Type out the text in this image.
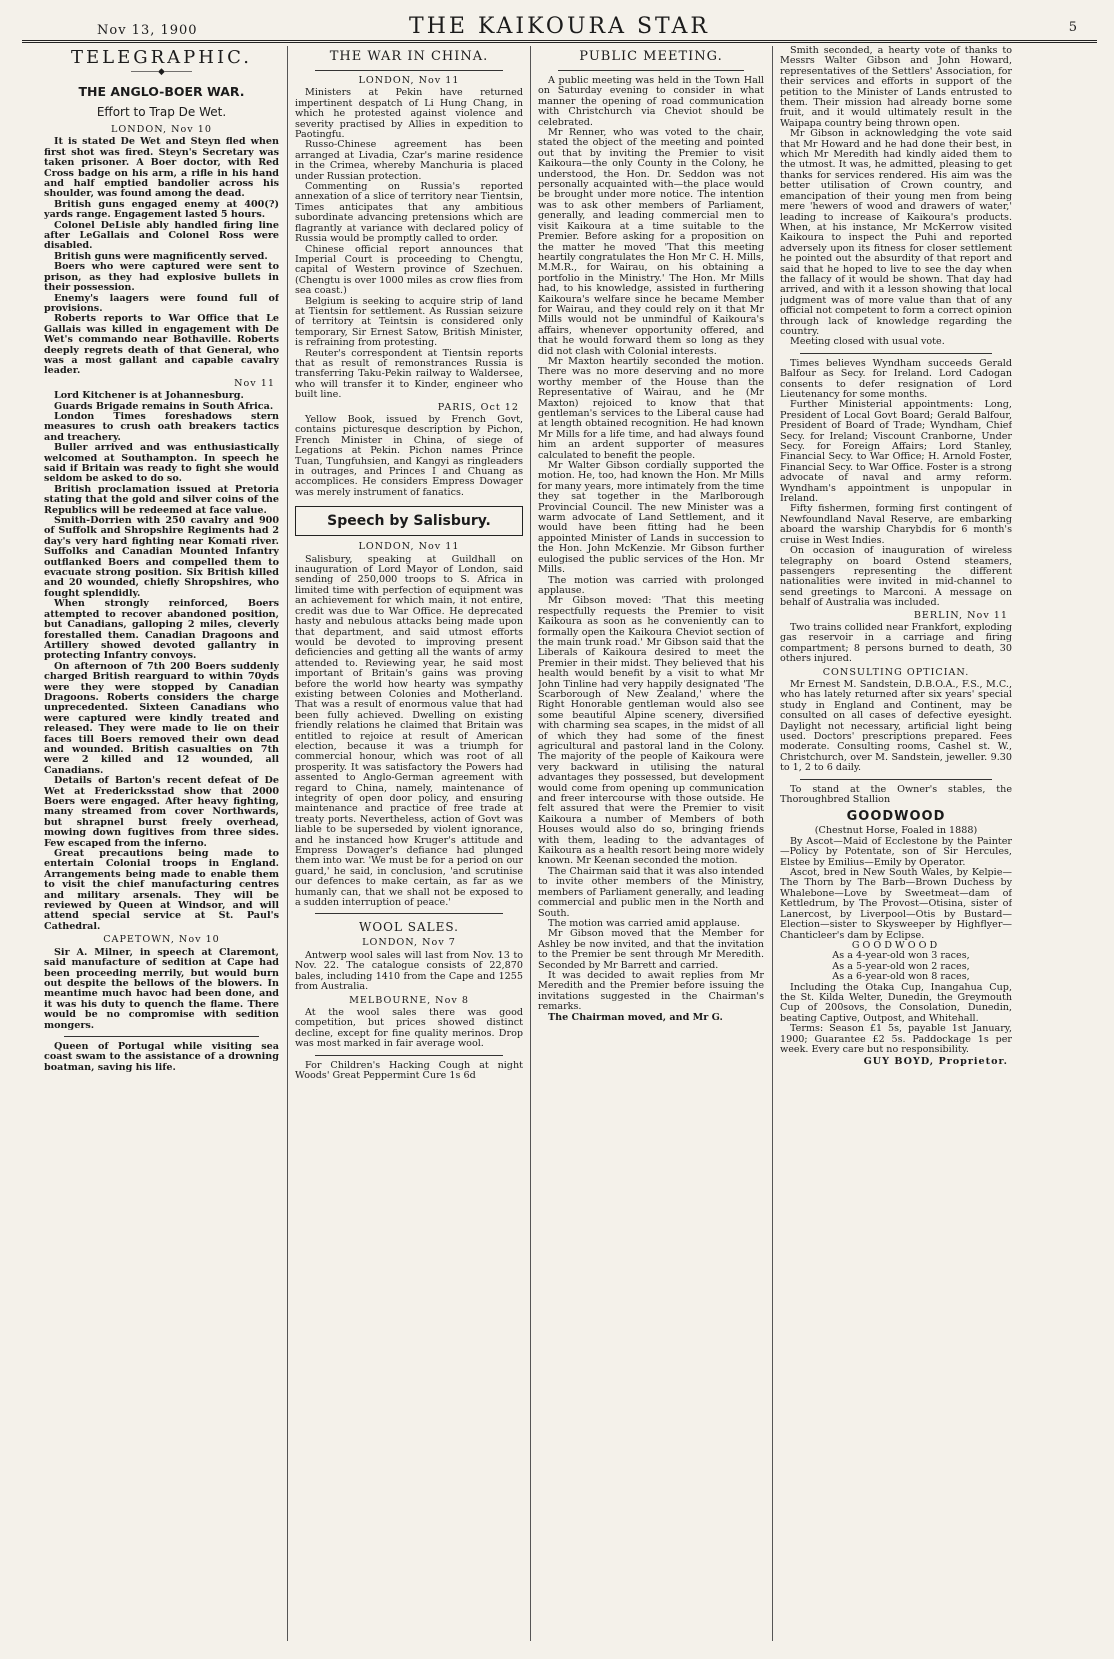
Nov 13, 1900	THE KAIKOURA STAR	5
TELEGRAPHIC.
―――◆―――
THE ANGLO-BOER WAR.
Effort to Trap De Wet.
LONDON, Nov 10

It is stated De Wet and Steyn fled when first shot was fired. Steyn's Secretary was taken prisoner. A Boer doctor, with Red Cross badge on his arm, a rifle in his hand and half emptied bandolier across his shoulder, was found among the dead.

British guns engaged enemy at 400(?) yards range. Engagement lasted 5 hours.

Colonel DeLisle ably handled firing line after LeGallais and Colonel Ross were disabled.

British guns were magnificently served.

Boers who were captured were sent to prison, as they had explosive bullets in their possession.

Enemy's laagers were found full of provisions.

Roberts reports to War Office that Le Gallais was killed in engagement with De Wet's commando near Bothaville. Roberts deeply regrets death of that General, who was a most gallant and capable cavalry leader.

Nov 11

Lord Kitchener is at Johannesburg.

Guards Brigade remains in South Africa.

London Times foreshadows stern measures to crush oath breakers tactics and treachery.

Buller arrived and was enthusiastically welcomed at Southampton. In speech he said if Britain was ready to fight she would seldom be asked to do so.

British proclamation issued at Pretoria stating that the gold and silver coins of the Republics will be redeemed at face value.

Smith-Dorrien with 250 cavalry and 900 of Suffolk and Shropshire Regiments had 2 day's very hard fighting near Komati river. Suffolks and Canadian Mounted Infantry outflanked Boers and compelled them to evacuate strong position. Six British killed and 20 wounded, chiefly Shropshires, who fought splendidly.

When strongly reinforced, Boers attempted to recover abandoned position, but Canadians, galloping 2 miles, cleverly forestalled them. Canadian Dragoons and Artillery showed devoted gallantry in protecting Infantry convoys.

On afternoon of 7th 200 Boers suddenly charged British rearguard to within 70yds were they were stopped by Canadian Dragoons. Roberts considers the charge unprecedented. Sixteen Canadians who were captured were kindly treated and released. They were made to lie on their faces till Boers removed their own dead and wounded. British casualties on 7th were 2 killed and 12 wounded, all Canadians.

Details of Barton's recent defeat of De Wet at Fredericksstad show that 2000 Boers were engaged. After heavy fighting, many streamed from cover Northwards, but shrapnel burst freely overhead, mowing down fugitives from three sides. Few escaped from the inferno.

Great precautions being made to entertain Colonial troops in England. Arrangements being made to enable them to visit the chief manufacturing centres and military arsenals. They will be reviewed by Queen at Windsor, and will attend special service at St. Paul's Cathedral.

CAPETOWN, Nov 10

Sir A. Milner, in speech at Claremont, said manufacture of sedition at Cape had been proceeding merrily, but would burn out despite the bellows of the blowers. In meantime much havoc had been done, and it was his duty to quench the flame. There would be no compromise with sedition mongers.

Queen of Portugal while visiting sea coast swam to the assistance of a drowning boatman, saving his life.

THE WAR IN CHINA.
LONDON, Nov 11

Ministers at Pekin have returned impertinent despatch of Li Hung Chang, in which he protested against violence and severity practised by Allies in expedition to Paotingfu.

Russo-Chinese agreement has been arranged at Livadia, Czar's marine residence in the Crimea, whereby Manchuria is placed under Russian protection.

Commenting on Russia's reported annexation of a slice of territory near Tientsin, Times anticipates that any ambitious subordinate advancing pretensions which are flagrantly at variance with declared policy of Russia would be promptly called to order.

Chinese official report announces that Imperial Court is proceeding to Chengtu, capital of Western province of Szechuen. (Chengtu is over 1000 miles as crow flies from sea coast.)

Belgium is seeking to acquire strip of land at Tientsin for settlement. As Russian seizure of territory at Teintsin is considered only temporary, Sir Ernest Satow, British Minister, is refraining from protesting.

Reuter's correspondent at Tientsin reports that as result of remonstrances Russia is transferring Taku-Pekin railway to Waldersee, who will transfer it to Kinder, engineer who built line.

PARIS, Oct 12

Yellow Book, issued by French Govt, contains picturesque description by Pichon, French Minister in China, of siege of Legations at Pekin. Pichon names Prince Tuan, Tungfuhsien, and Kangyi as ringleaders in outrages, and Princes I and Chuang as accomplices. He considers Empress Dowager was merely instrument of fanatics.

Speech by Salisbury.
LONDON, Nov 11

Salisbury, speaking at Guildhall on inauguration of Lord Mayor of London, said sending of 250,000 troops to S. Africa in limited time with perfection of equipment was an achievement for which main, it not entire, credit was due to War Office. He deprecated hasty and nebulous attacks being made upon that department, and said utmost efforts would be devoted to improving present deficiencies and getting all the wants of army attended to. Reviewing year, he said most important of Britain's gains was proving before the world how hearty was sympathy existing between Colonies and Motherland. That was a result of enormous value that had been fully achieved. Dwelling on existing friendly relations he claimed that Britain was entitled to rejoice at result of American election, because it was a triumph for commercial honour, which was root of all prosperity. It was satisfactory the Powers had assented to Anglo-German agreement with regard to China, namely, maintenance of integrity of open door policy, and ensuring maintenance and practice of free trade at treaty ports. Nevertheless, action of Govt was liable to be superseded by violent ignorance, and he instanced how Kruger's attitude and Empress Dowager's defiance had plunged them into war. 'We must be for a period on our guard,' he said, in conclusion, 'and scrutinise our defences to make certain, as far as we humanly can, that we shall not be exposed to a sudden interruption of peace.'

WOOL SALES.
LONDON, Nov 7

Antwerp wool sales will last from Nov. 13 to Nov. 22. The catalogue consists of 22,870 bales, including 1410 from the Cape and 1255 from Australia.

MELBOURNE, Nov 8

At the wool sales there was good competition, but prices showed distinct decline, except for fine quality merinos. Drop was most marked in fair average wool.

For Children's Hacking Cough at night Woods' Great Peppermint Cure 1s 6d

PUBLIC MEETING.

A public meeting was held in the Town Hall on Saturday evening to consider in what manner the opening of road communication with Christchurch via Cheviot should be celebrated.

Mr Renner, who was voted to the chair, stated the object of the meeting and pointed out that by inviting the Premier to visit Kaikoura—the only County in the Colony, he understood, the Hon. Dr. Seddon was not personally acquainted with—the place would be brought under more notice. The intention was to ask other members of Parliament, generally, and leading commercial men to visit Kaikoura at a time suitable to the Premier. Before asking for a proposition on the matter he moved 'That this meeting heartily congratulates the Hon Mr C. H. Mills, M.M.R., for Wairau, on his obtaining a portfolio in the Ministry.' The Hon. Mr Mills had, to his knowledge, assisted in furthering Kaikoura's welfare since he became Member for Wairau, and they could rely on it that Mr Mills would not be unmindful of Kaikoura's affairs, whenever opportunity offered, and that he would forward them so long as they did not clash with Colonial interests.

Mr Maxton heartily seconded the motion. There was no more deserving and no more worthy member of the House than the Representative of Wairau, and he (Mr Maxton) rejoiced to know that that gentleman's services to the Liberal cause had at length obtained recognition. He had known Mr Mills for a life time, and had always found him an ardent supporter of measures calculated to benefit the people.

Mr Walter Gibson cordially supported the motion. He, too, had known the Hon. Mr Mills for many years, more intimately from the time they sat together in the Marlborough Provincial Council. The new Minister was a warm advocate of Land Settlement, and it would have been fitting had he been appointed Minister of Lands in succession to the Hon. John McKenzie. Mr Gibson further eulogised the public services of the Hon. Mr Mills.

The motion was carried with prolonged applause.

Mr Gibson moved: 'That this meeting respectfully requests the Premier to visit Kaikoura as soon as he conveniently can to formally open the Kaikoura Cheviot section of the main trunk road.' Mr Gibson said that the Liberals of Kaikoura desired to meet the Premier in their midst. They believed that his health would benefit by a visit to what Mr John Tinline had very happily designated 'The Scarborough of New Zealand,' where the Right Honorable gentleman would also see some beautiful Alpine scenery, diversified with charming sea scapes, in the midst of all of which they had some of the finest agricultural and pastoral land in the Colony. The majority of the people of Kaikoura were very backward in utilising the natural advantages they possessed, but development would come from opening up communication and freer intercourse with those outside. He felt assured that were the Premier to visit Kaikoura a number of Members of both Houses would also do so, bringing friends with them, leading to the advantages of Kaikoura as a health resort being more widely known. Mr Keenan seconded the motion.

The Chairman said that it was also intended to invite other members of the Ministry, members of Parliament generally, and leading commercial and public men in the North and South.

The motion was carried amid applause.

Mr Gibson moved that the Member for Ashley be now invited, and that the invitation to the Premier be sent through Mr Meredith. Seconded by Mr Barrett and carried.

It was decided to await replies from Mr Meredith and the Premier before issuing the invitations suggested in the Chairman's remarks.

The Chairman moved, and Mr G.

Smith seconded, a hearty vote of thanks to Messrs Walter Gibson and John Howard, representatives of the Settlers' Association, for their services and efforts in support of the petition to the Minister of Lands entrusted to them. Their mission had already borne some fruit, and it would ultimately result in the Waipapa country being thrown open.

Mr Gibson in acknowledging the vote said that Mr Howard and he had done their best, in which Mr Meredith had kindly aided them to the utmost. It was, he admitted, pleasing to get thanks for services rendered. His aim was the better utilisation of Crown country, and emancipation of their young men from being mere 'hewers of wood and drawers of water,' leading to increase of Kaikoura's products. When, at his instance, Mr McKerrow visited Kaikoura to inspect the Puhi and reported adversely upon its fitness for closer settlement he pointed out the absurdity of that report and said that he hoped to live to see the day when the fallacy of it would be shown. That day had arrived, and with it a lesson showing that local judgment was of more value than that of any official not competent to form a correct opinion through lack of knowledge regarding the country.

Meeting closed with usual vote.

Times believes Wyndham succeeds Gerald Balfour as Secy. for Ireland. Lord Cadogan consents to defer resignation of Lord Lieutenancy for some months.

Further Ministerial appointments: Long, President of Local Govt Board; Gerald Balfour, President of Board of Trade; Wyndham, Chief Secy. for Ireland; Viscount Cranborne, Under Secy. for Foreign Affairs; Lord Stanley, Financial Secy. to War Office; H. Arnold Foster, Financial Secy. to War Office. Foster is a strong advocate of naval and army reform. Wyndham's appointment is unpopular in Ireland.

Fifty fishermen, forming first contingent of Newfoundland Naval Reserve, are embarking aboard the warship Charybdis for 6 month's cruise in West Indies.

On occasion of inauguration of wireless telegraphy on board Ostend steamers, passengers representing the different nationalities were invited in mid-channel to send greetings to Marconi. A message on behalf of Australia was included.

BERLIN, Nov 11

Two trains collided near Frankfort, exploding gas reservoir in a carriage and firing compartment; 8 persons burned to death, 30 others injured.

CONSULTING OPTICIAN.

Mr Ernest M. Sandstein, D.B.O.A., F.S., M.C., who has lately returned after six years' special study in England and Continent, may be consulted on all cases of defective eyesight. Daylight not necessary, artificial light being used. Doctors' prescriptions prepared. Fees moderate. Consulting rooms, Cashel st. W., Christchurch, over M. Sandstein, jeweller. 9.30 to 1, 2 to 6 daily.

To stand at the Owner's stables, the Thoroughbred Stallion

GOODWOOD
(Chestnut Horse, Foaled in 1888)

By Ascot—Maid of Ecclestone by the Painter—Policy by Potentate, son of Sir Hercules, Elstee by Emilius—Emily by Operator.

Ascot, bred in New South Wales, by Kelpie—The Thorn by The Barb—Brown Duchess by Whalebone—Love by Sweetmeat—dam of Kettledrum, by The Provost—Otisina, sister of Lanercost, by Liverpool—Otis by Bustard—Election—sister to Skysweeper by Highflyer—Chanticleer's dam by Eclipse.

GOODWOOD

As a 4-year-old won 3 races,

As a 5-year-old won 2 races,

As a 6-year-old won 8 races,

Including the Otaka Cup, Inangahua Cup, the St. Kilda Welter, Dunedin, the Greymouth Cup of 200sovs, the Consolation, Dunedin, beating Captive, Outpost, and Whitehall.

Terms: Season £1 5s, payable 1st January, 1900; Guarantee £2 5s. Paddockage 1s per week. Every care but no responsibility.

GUY BOYD, Proprietor.
